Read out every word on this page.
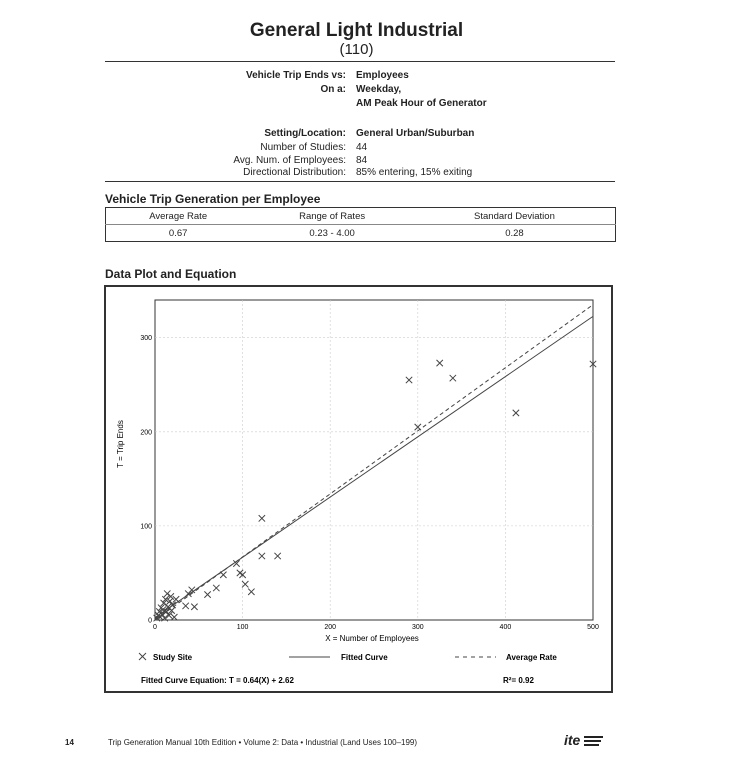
General Light Industrial
(110)
Vehicle Trip Ends vs: Employees
On a: Weekday,
AM Peak Hour of Generator
Setting/Location: General Urban/Suburban
Number of Studies: 44
Avg. Num. of Employees: 84
Directional Distribution: 85% entering, 15% exiting
Vehicle Trip Generation per Employee
Average Rate	Range of Rates	Standard Deviation
0.67	0.23 - 4.00	0.28
Data Plot and Equation
0	100	200	300	400	500
0
100
200
300
X = Number of Employees
T = Trip Ends
Study Site	Fitted Curve	Average Rate
Fitted Curve Equation: T = 0.64(X) + 2.62	R²= 0.92
14	Trip Generation Manual 10th Edition • Volume 2: Data • Industrial (Land Uses 100–199)	ite
